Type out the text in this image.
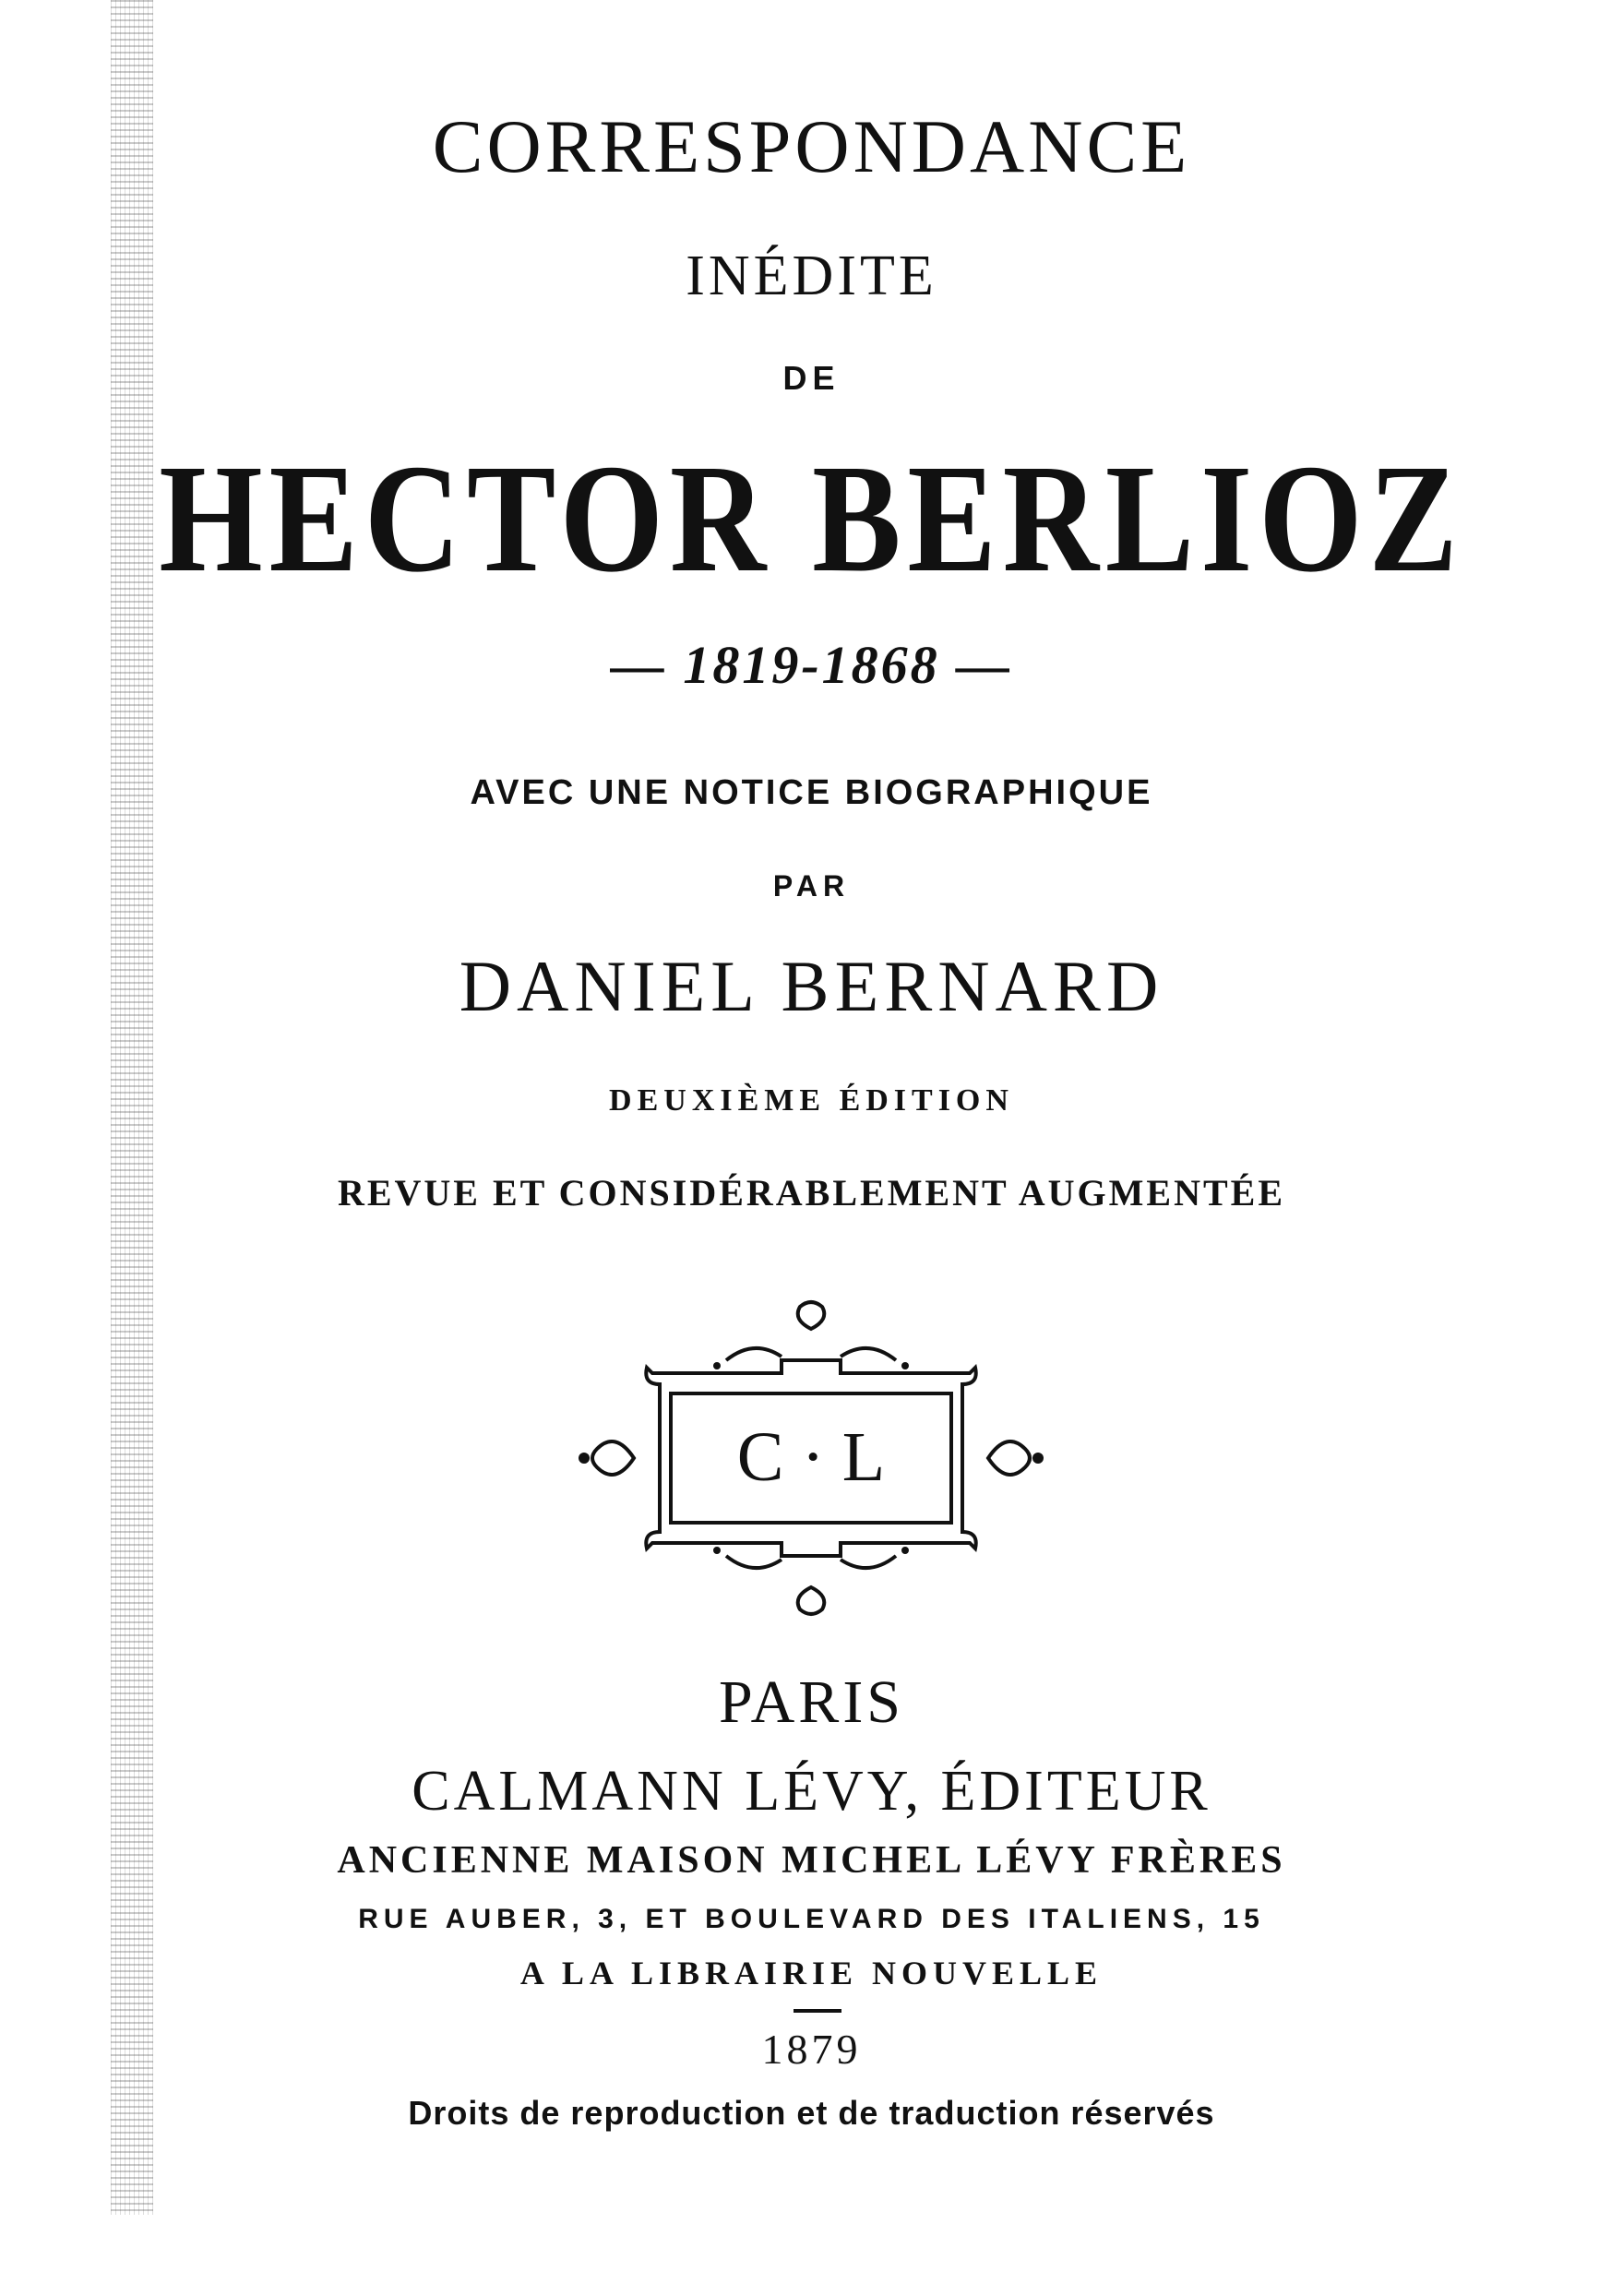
CORRESPONDANCE
INÉDITE
DE
HECTOR BERLIOZ
— 1819-1868 —
AVEC UNE NOTICE BIOGRAPHIQUE
PAR
DANIEL BERNARD
DEUXIÈME ÉDITION
REVUE ET CONSIDÉRABLEMENT AUGMENTÉE
C · L
PARIS
CALMANN LÉVY, ÉDITEUR
ANCIENNE MAISON MICHEL LÉVY FRÈRES
RUE AUBER, 3, ET BOULEVARD DES ITALIENS, 15
A LA LIBRAIRIE NOUVELLE
1879
Droits de reproduction et de traduction réservés
